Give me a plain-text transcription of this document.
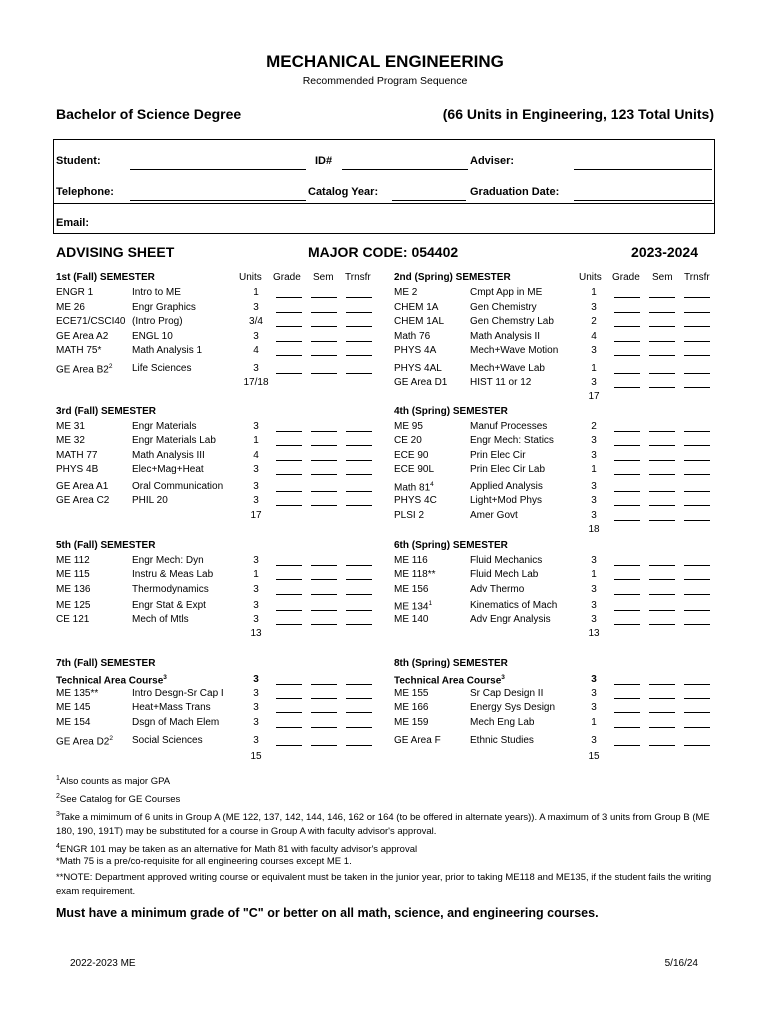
MECHANICAL ENGINEERING
Recommended Program Sequence
Bachelor of Science Degree	(66 Units in Engineering, 123 Total Units)
Student:	ID#	Adviser:
Telephone:	Catalog Year:	Graduation Date:
Email:
ADVISING SHEET	MAJOR CODE: 054402	2023-2024
1st (Fall) SEMESTER	Units Grade Sem Trnsfr
ENGR 1	Intro to ME	1
ME 26	Engr Graphics	3
ECE71/CSCI40 (Intro Prog)	3/4
GE Area A2 ENGL 10	3
MATH 75*	Math Analysis 1	4
GE Area $B2^2$ Life Sciences	3
17/18
2nd (Spring) SEMESTER	Units Grade Sem Trnsfr
ME 2	Cmpt App in ME	1
CHEM 1A	Gen Chemistry	3
CHEM 1AL	Gen Chemstry Lab	2
Math 76	Math Analysis II	4
PHYS 4A	Mech+Wave Motion	3
PHYS 4AL	Mech+Wave Lab	1
GE Area D1 HIST 11 or 12	3
17
3rd (Fall) SEMESTER
ME 31	Engr Materials	3
ME 32	Engr Materials Lab	1
MATH 77	Math Analysis III	4
PHYS 4B	Elec+Mag+Heat	3
GE Area A1 Oral Communication	3
GE Area C2 PHIL 20	3
17
4th (Spring) SEMESTER
ME 95	Manuf Processes	2
CE 20	Engr Mech: Statics	3
ECE 90	Prin Elec Cir	3
ECE 90L	Prin Elec Cir Lab	1
Math $81^4$	Applied Analysis	3
PHYS 4C	Light+Mod Phys	3
PLSI 2	Amer Govt	3
18
5th (Fall) SEMESTER
ME 112	Engr Mech: Dyn	3
ME 115	Instru & Meas Lab	1
ME 136	Thermodynamics	3
ME 125	Engr Stat & Expt	3
CE 121	Mech of Mtls	3
13
6th (Spring) SEMESTER
ME 116	Fluid Mechanics	3
ME 118**	Fluid Mech Lab	1
ME 156	Adv Thermo	3
ME $134^1$	Kinematics of Mach	3
ME 140	Adv Engr Analysis	3
13
7th (Fall) SEMESTER
Technical Area Course$^3$	3
ME 135**	Intro Desgn-Sr Cap I	3
ME 145	Heat+Mass Trans	3
ME 154	Dsgn of Mach Elem	3
GE Area $D2^2$ Social Sciences	3
15
8th (Spring) SEMESTER
Technical Area Course$^3$	3
ME 155	Sr Cap Design II	3
ME 166	Energy Sys Design	3
ME 159	Mech Eng Lab	1
GE Area F	Ethnic Studies	3
15
$^1$Also counts as major GPA
$^2$See Catalog for GE Courses
$^3$Take a mimimum of 6 units in Group A (ME 122, 137, 142, 144, 146, 162 or 164 (to be offered in alternate years)). A maximum of 3 units from Group B (ME 180, 190, 191T) may be substituted for a course in Group A with faculty advisor's approval.
$^4$ENGR 101 may be taken as an alternative for Math 81 with faculty advisor's approval
*Math 75 is a pre/co-requisite for all engineering courses except ME 1.
**NOTE: Department approved writing course or equivalent must be taken in the junior year, prior to taking ME118 and ME135, if the student fails the writing exam requirement.
Must have a minimum grade of "C" or better on all math, science, and engineering courses.
2022-2023 ME	5/16/24
